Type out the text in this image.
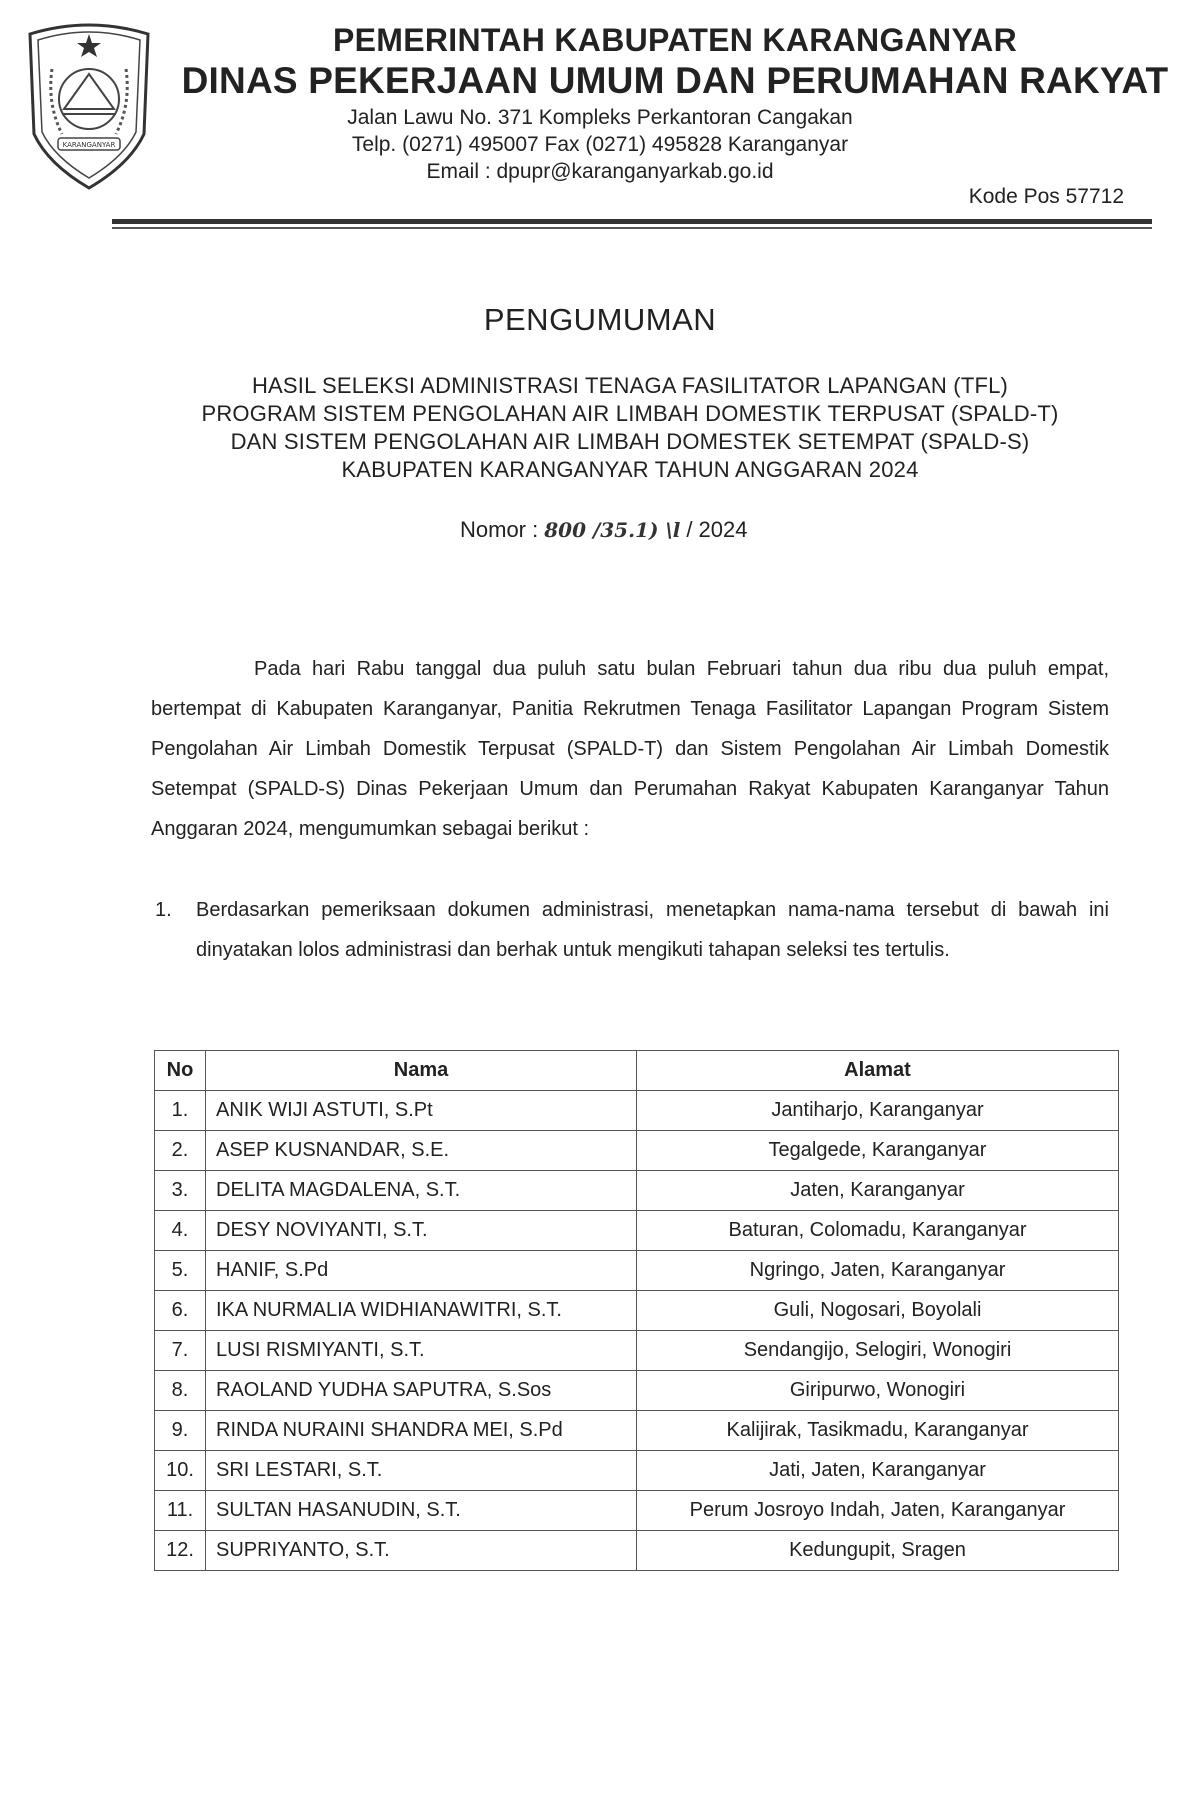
KARANGANYAR
PEMERINTAH KABUPATEN KARANGANYAR
DINAS PEKERJAAN UMUM DAN PERUMAHAN RAKYAT
Jalan Lawu No. 371 Kompleks Perkantoran Cangakan
Telp. (0271) 495007 Fax (0271) 495828 Karanganyar
Email : dpupr@karanganyarkab.go.id
Kode Pos 57712
PENGUMUMAN
HASIL SELEKSI ADMINISTRASI TENAGA FASILITATOR LAPANGAN (TFL)
PROGRAM SISTEM PENGOLAHAN AIR LIMBAH DOMESTIK TERPUSAT (SPALD-T)
DAN SISTEM PENGOLAHAN AIR LIMBAH DOMESTEK SETEMPAT (SPALD-S)
KABUPATEN KARANGANYAR TAHUN ANGGARAN 2024
Nomor : 800 /35.1) \l / 2024
Pada hari Rabu tanggal dua puluh satu bulan Februari tahun dua ribu dua puluh empat, bertempat di Kabupaten Karanganyar, Panitia Rekrutmen Tenaga Fasilitator Lapangan Program Sistem Pengolahan Air Limbah Domestik Terpusat (SPALD-T) dan Sistem Pengolahan Air Limbah Domestik Setempat (SPALD-S) Dinas Pekerjaan Umum dan Perumahan Rakyat Kabupaten Karanganyar Tahun Anggaran 2024, mengumumkan sebagai berikut :
1. Berdasarkan pemeriksaan dokumen administrasi, menetapkan nama-nama tersebut di bawah ini dinyatakan lolos administrasi dan berhak untuk mengikuti tahapan seleksi tes tertulis.
No	Nama	Alamat
1.	ANIK WIJI ASTUTI, S.Pt	Jantiharjo, Karanganyar
2.	ASEP KUSNANDAR, S.E.	Tegalgede, Karanganyar
3.	DELITA MAGDALENA, S.T.	Jaten, Karanganyar
4.	DESY NOVIYANTI, S.T.	Baturan, Colomadu, Karanganyar
5.	HANIF, S.Pd	Ngringo, Jaten, Karanganyar
6.	IKA NURMALIA WIDHIANAWITRI, S.T.	Guli, Nogosari, Boyolali
7.	LUSI RISMIYANTI, S.T.	Sendangijo, Selogiri, Wonogiri
8.	RAOLAND YUDHA SAPUTRA, S.Sos	Giripurwo, Wonogiri
9.	RINDA NURAINI SHANDRA MEI, S.Pd	Kalijirak, Tasikmadu, Karanganyar
10.	SRI LESTARI, S.T.	Jati, Jaten, Karanganyar
11.	SULTAN HASANUDIN, S.T.	Perum Josroyo Indah, Jaten, Karanganyar
12.	SUPRIYANTO, S.T.	Kedungupit, Sragen
